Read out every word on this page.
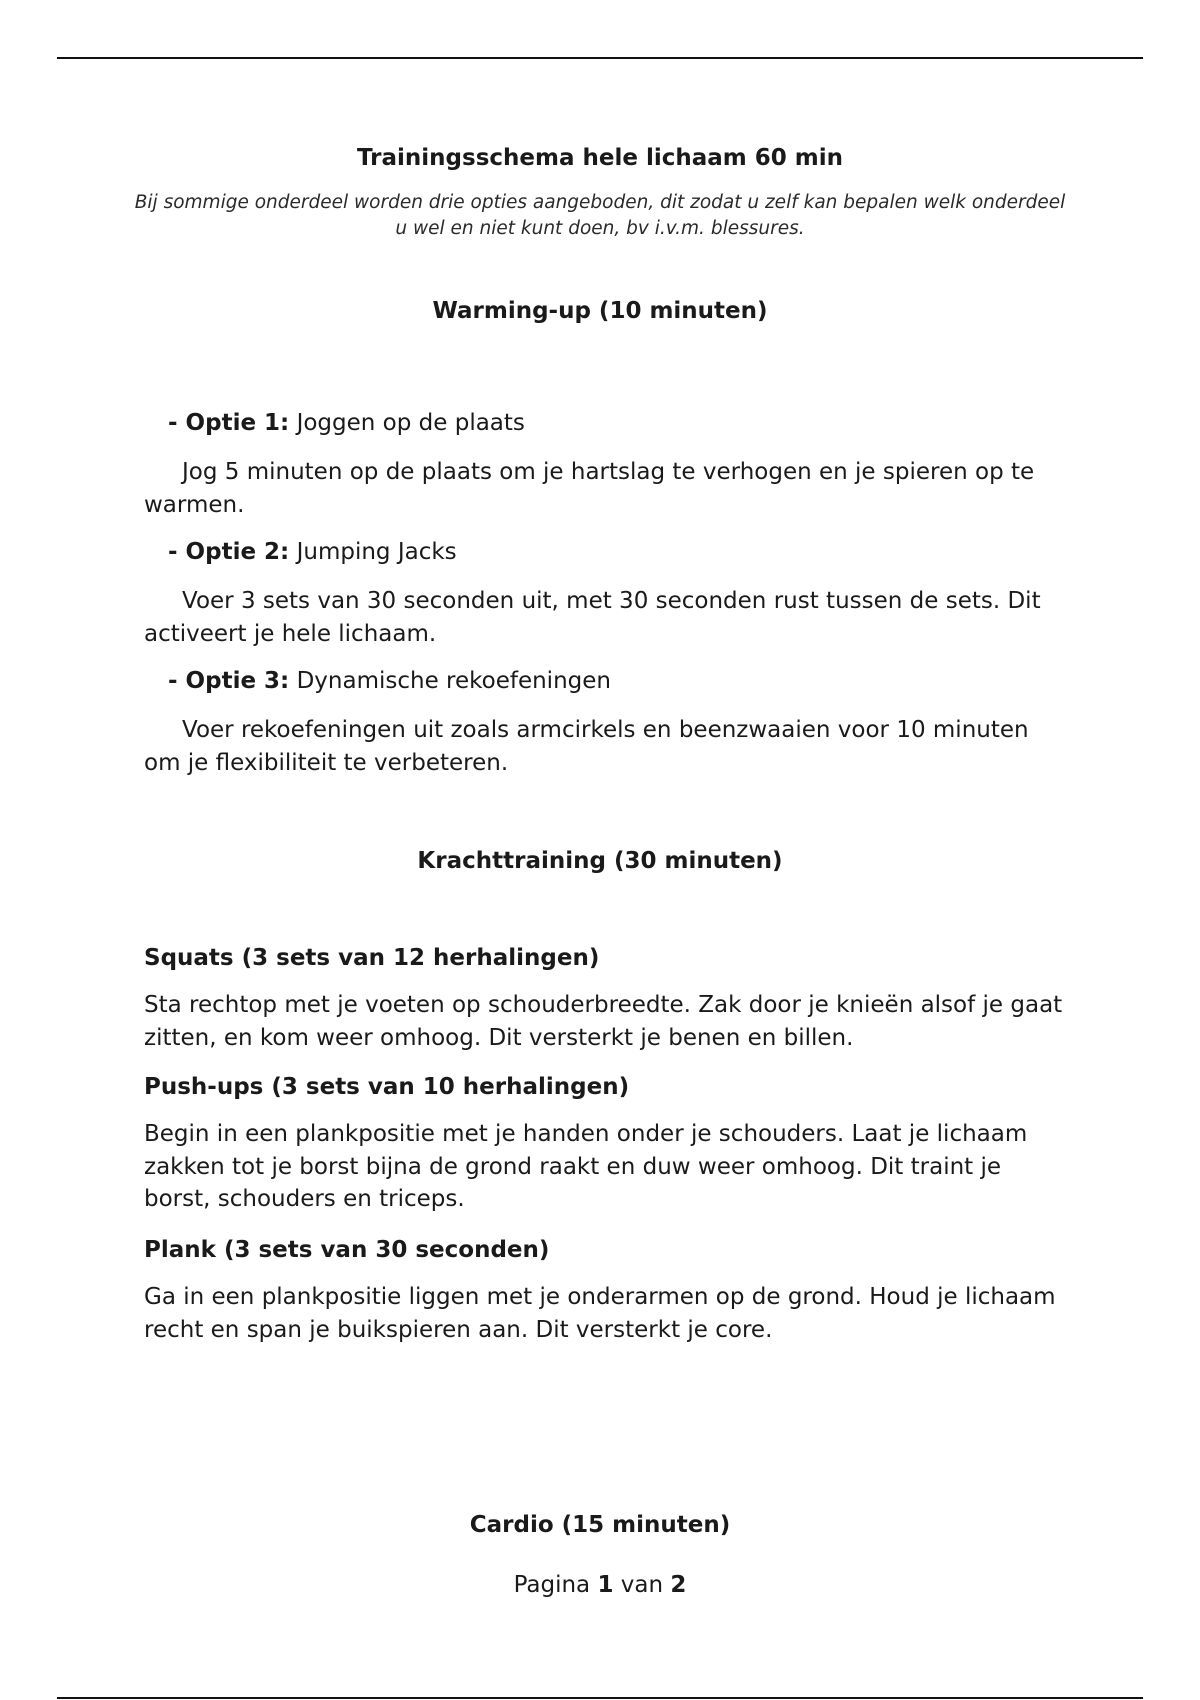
Trainingsschema hele lichaam 60 min

Bij sommige onderdeel worden drie opties aangeboden, dit zodat u zelf kan bepalen welk onderdeel u wel en niet kunt doen, bv i.v.m. blessures.

Warming-up (10 minuten)

- Optie 1: Joggen op de plaats

Jog 5 minuten op de plaats om je hartslag te verhogen en je spieren op te warmen.

- Optie 2: Jumping Jacks

Voer 3 sets van 30 seconden uit, met 30 seconden rust tussen de sets. Dit activeert je hele lichaam.

- Optie 3: Dynamische rekoefeningen

Voer rekoefeningen uit zoals armcirkels en beenzwaaien voor 10 minuten om je flexibiliteit te verbeteren.

Krachttraining (30 minuten)
Squats (3 sets van 12 herhalingen)

Sta rechtop met je voeten op schouderbreedte. Zak door je knieën alsof je gaat zitten, en kom weer omhoog. Dit versterkt je benen en billen.

Push-ups (3 sets van 10 herhalingen)

Begin in een plankpositie met je handen onder je schouders. Laat je lichaam zakken tot je borst bijna de grond raakt en duw weer omhoog. Dit traint je borst, schouders en triceps.

Plank (3 sets van 30 seconden)

Ga in een plankpositie liggen met je onderarmen op de grond. Houd je lichaam recht en span je buikspieren aan. Dit versterkt je core.

Cardio (15 minuten)

Pagina 1 van 2
